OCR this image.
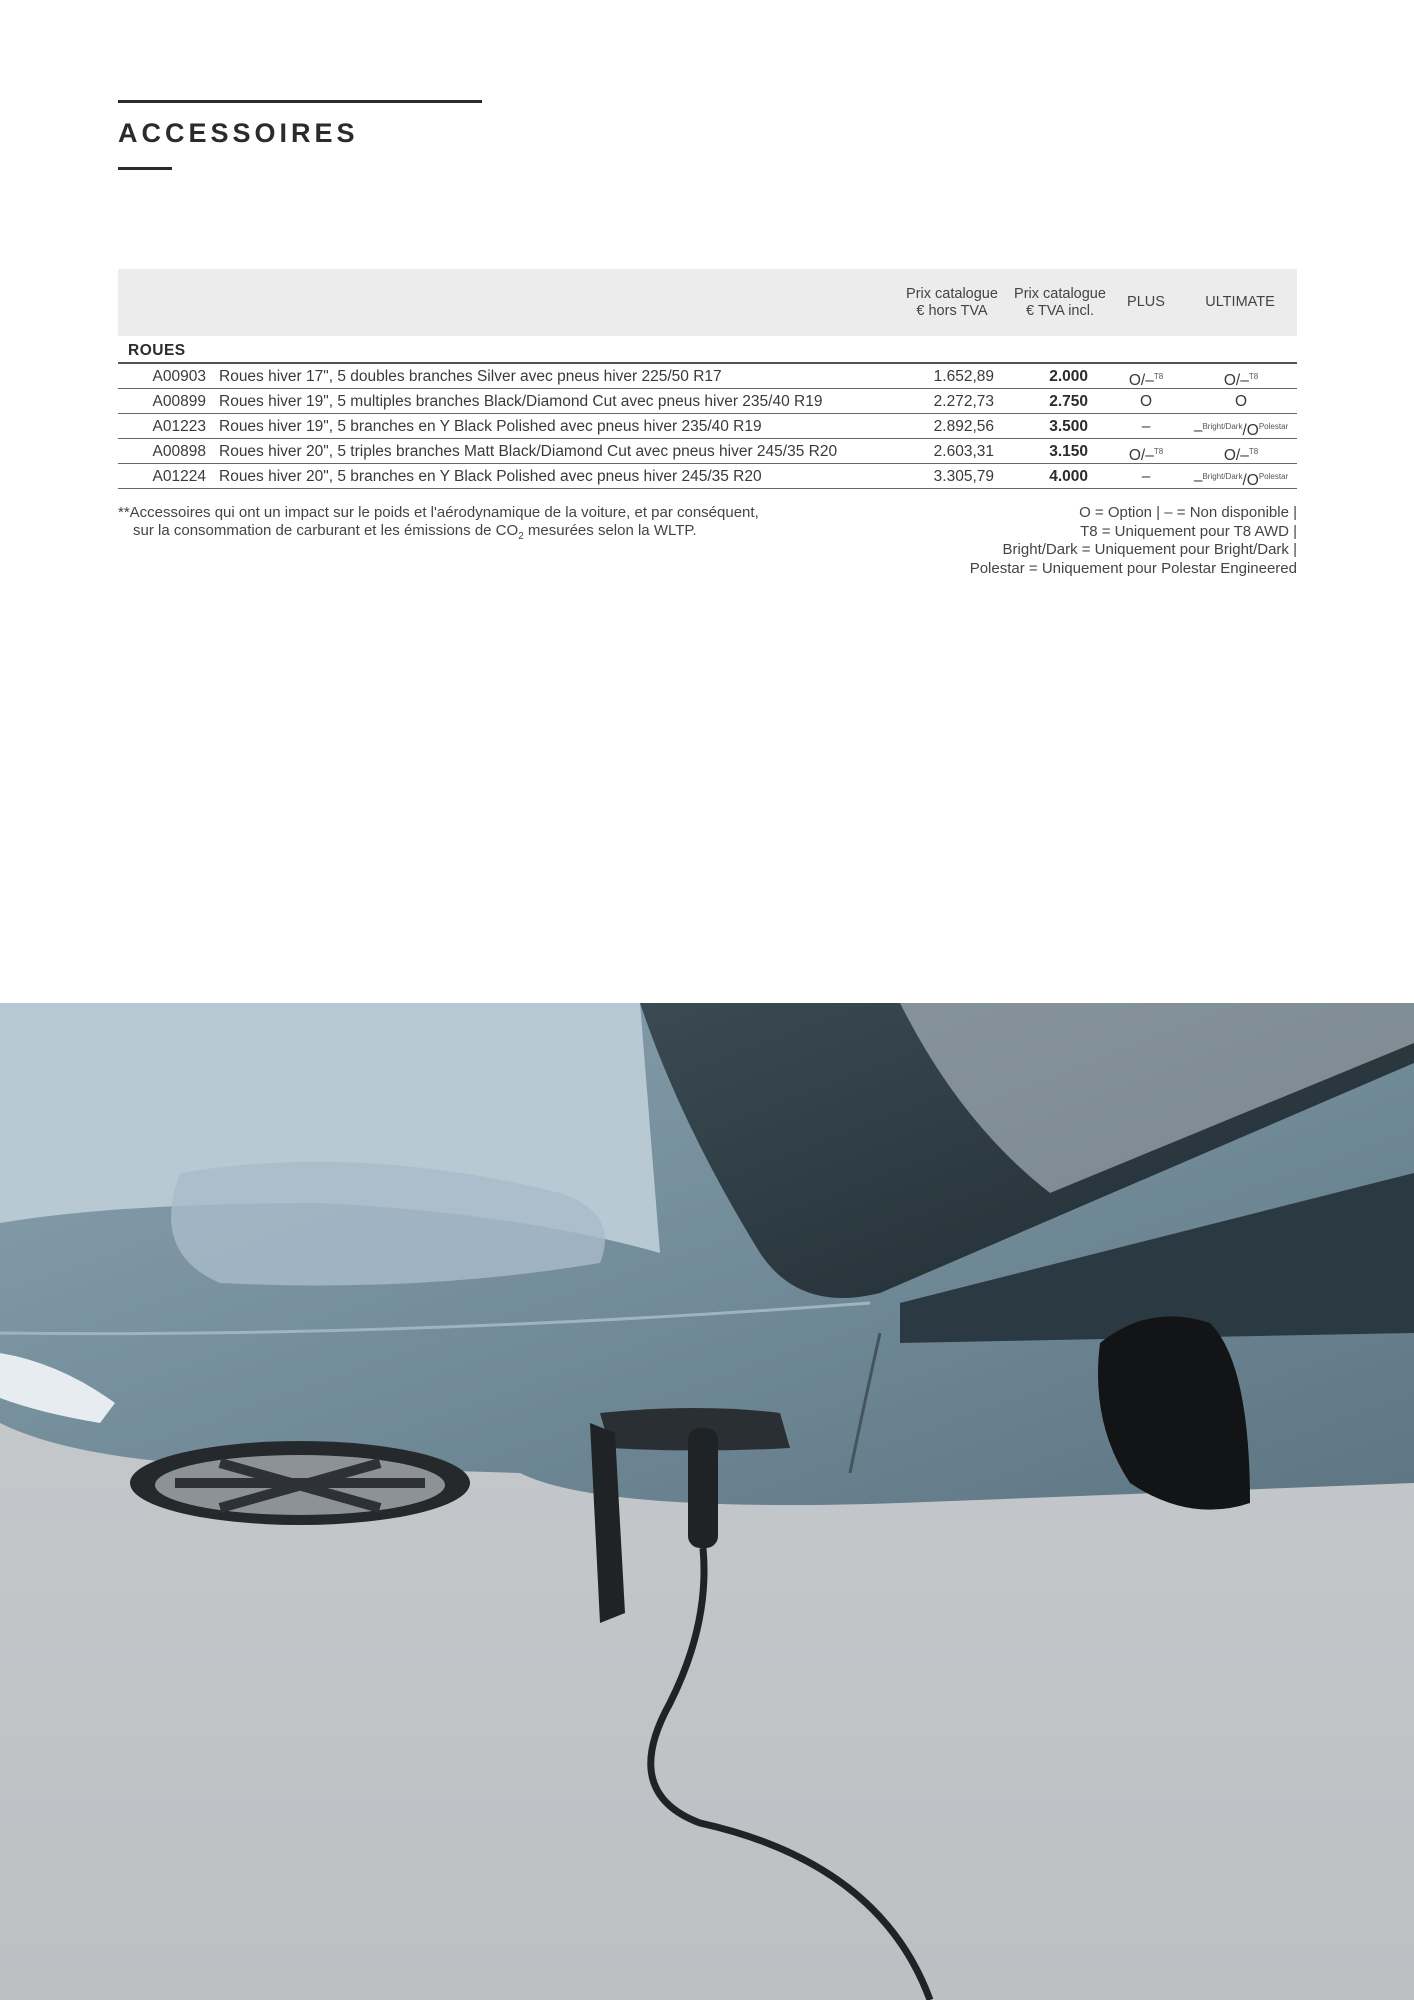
ACCESSOIRES
Prix catalogue
€ hors TVA
Prix catalogue
€ TVA incl.
PLUS	ULTIMATE
ROUES
A00903 Roues hiver 17", 5 doubles branches Silver avec pneus hiver 225/50 R17	1.652,89	2.000	O/–$^{T8}$	O/–$^{T8}$
A00899 Roues hiver 19", 5 multiples branches Black/Diamond Cut avec pneus hiver 235/40 R19	2.272,73	2.750	O	O
A01223 Roues hiver 19", 5 branches en Y Black Polished avec pneus hiver 235/40 R19	2.892,56	3.500	–	$-^{Bright/Dark}/O^{Polestar}$
A00898 Roues hiver 20", 5 triples branches Matt Black/Diamond Cut avec pneus hiver 245/35 R20	2.603,31	3.150	O/–$^{T8}$	O/–$^{T8}$
A01224 Roues hiver 20", 5 branches en Y Black Polished avec pneus hiver 245/35 R20	3.305,79	4.000	–	$-^{Bright/Dark}/O^{Polestar}$
**Accessoires qui ont un impact sur le poids et l'aérodynamique de la voiture, et par conséquent,
sur la consommation de carburant et les émissions de $CO_2$ mesurées selon la WLTP.
O = Option | – = Non disponible |
T8 = Uniquement pour T8 AWD |
Bright/Dark = Uniquement pour Bright/Dark |
Polestar = Uniquement pour Polestar Engineered
